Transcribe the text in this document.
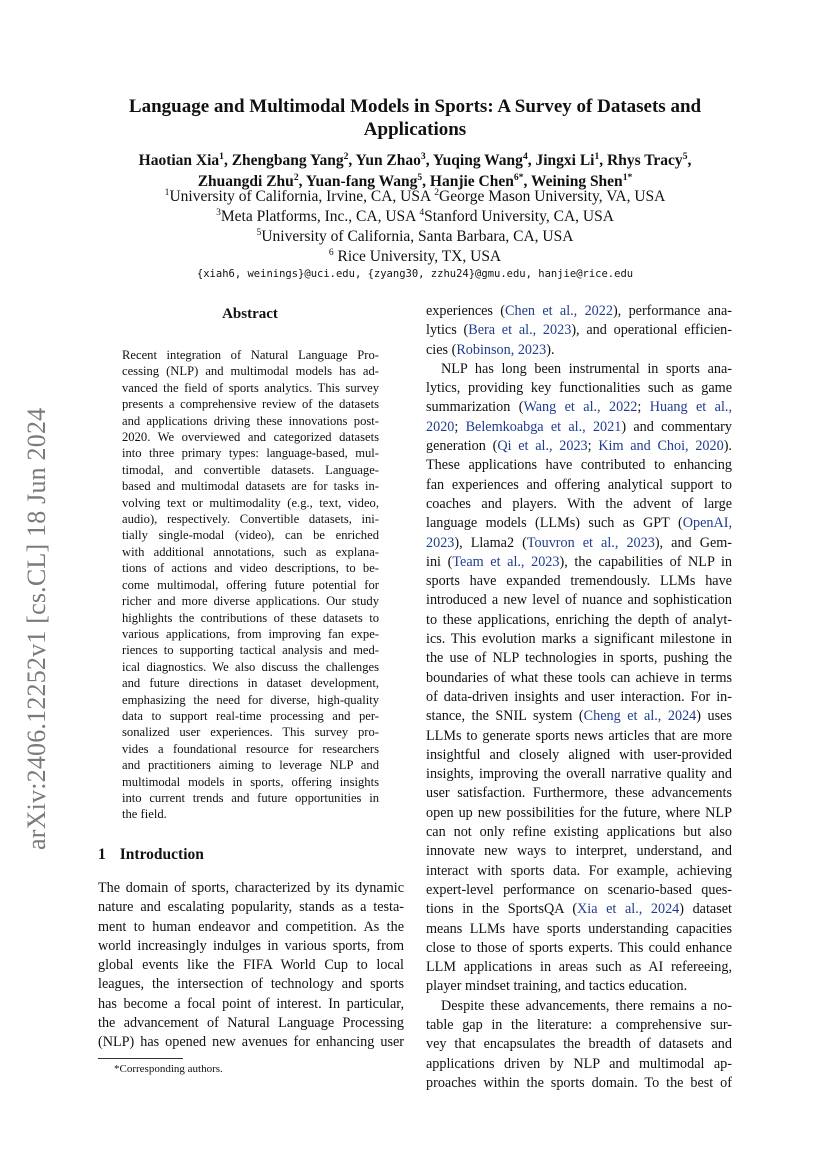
arXiv:2406.12252v1 [cs.CL] 18 Jun 2024
Language and Multimodal Models in Sports: A Survey of Datasets and
Applications
Haotian Xia$^1$, Zhengbang Yang$^2$, Yun Zhao$^3$, Yuqing Wang$^4$, Jingxi Li$^1$, Rhys Tracy$^5$,
Zhuangdi Zhu$^2$, Yuan-fang Wang$^5$, Hanjie Chen$^{6*}$, Weining Shen$^{1*}$
$^1$University of California, Irvine, CA, USA $^2$George Mason University, VA, USA
$^3$Meta Platforms, Inc., CA, USA $^4$Stanford University, CA, USA
$^5$University of California, Santa Barbara, CA, USA
$^6$ Rice University, TX, USA
{xiah6, weinings}@uci.edu, {zyang30, zzhu24}@gmu.edu, hanjie@rice.edu
Abstract
Recent integration of Natural Language Pro-
cessing (NLP) and multimodal models has ad-
vanced the field of sports analytics. This survey
presents a comprehensive review of the datasets
and applications driving these innovations post-
2020. We overviewed and categorized datasets
into three primary types: language-based, mul-
timodal, and convertible datasets. Language-
based and multimodal datasets are for tasks in-
volving text or multimodality (e.g., text, video,
audio), respectively. Convertible datasets, ini-
tially single-modal (video), can be enriched
with additional annotations, such as explana-
tions of actions and video descriptions, to be-
come multimodal, offering future potential for
richer and more diverse applications. Our study
highlights the contributions of these datasets to
various applications, from improving fan expe-
riences to supporting tactical analysis and med-
ical diagnostics. We also discuss the challenges
and future directions in dataset development,
emphasizing the need for diverse, high-quality
data to support real-time processing and per-
sonalized user experiences. This survey pro-
vides a foundational resource for researchers
and practitioners aiming to leverage NLP and
multimodal models in sports, offering insights
into current trends and future opportunities in
the field.
1 Introduction
The domain of sports, characterized by its dynamic
nature and escalating popularity, stands as a testa-
ment to human endeavor and competition. As the
world increasingly indulges in various sports, from
global events like the FIFA World Cup to local
leagues, the intersection of technology and sports
has become a focal point of interest. In particular,
the advancement of Natural Language Processing
(NLP) has opened new avenues for enhancing user
experiences (Chen et al., 2022), performance ana-
lytics (Bera et al., 2023), and operational efficien-
cies (Robinson, 2023).
NLP has long been instrumental in sports ana-
lytics, providing key functionalities such as game
summarization (Wang et al., 2022; Huang et al.,
2020; Belemkoabga et al., 2021) and commentary
generation (Qi et al., 2023; Kim and Choi, 2020).
These applications have contributed to enhancing
fan experiences and offering analytical support to
coaches and players. With the advent of large
language models (LLMs) such as GPT (OpenAI,
2023), Llama2 (Touvron et al., 2023), and Gem-
ini (Team et al., 2023), the capabilities of NLP in
sports have expanded tremendously. LLMs have
introduced a new level of nuance and sophistication
to these applications, enriching the depth of analyt-
ics. This evolution marks a significant milestone in
the use of NLP technologies in sports, pushing the
boundaries of what these tools can achieve in terms
of data-driven insights and user interaction. For in-
stance, the SNIL system (Cheng et al., 2024) uses
LLMs to generate sports news articles that are more
insightful and closely aligned with user-provided
insights, improving the overall narrative quality and
user satisfaction. Furthermore, these advancements
open up new possibilities for the future, where NLP
can not only refine existing applications but also
innovate new ways to interpret, understand, and
interact with sports data. For example, achieving
expert-level performance on scenario-based ques-
tions in the SportsQA (Xia et al., 2024) dataset
means LLMs have sports understanding capacities
close to those of sports experts. This could enhance
LLM applications in areas such as AI refereeing,
player mindset training, and tactics education.
Despite these advancements, there remains a no-
table gap in the literature: a comprehensive sur-
vey that encapsulates the breadth of datasets and
applications driven by NLP and multimodal ap-
proaches within the sports domain. To the best of
*Corresponding authors.
